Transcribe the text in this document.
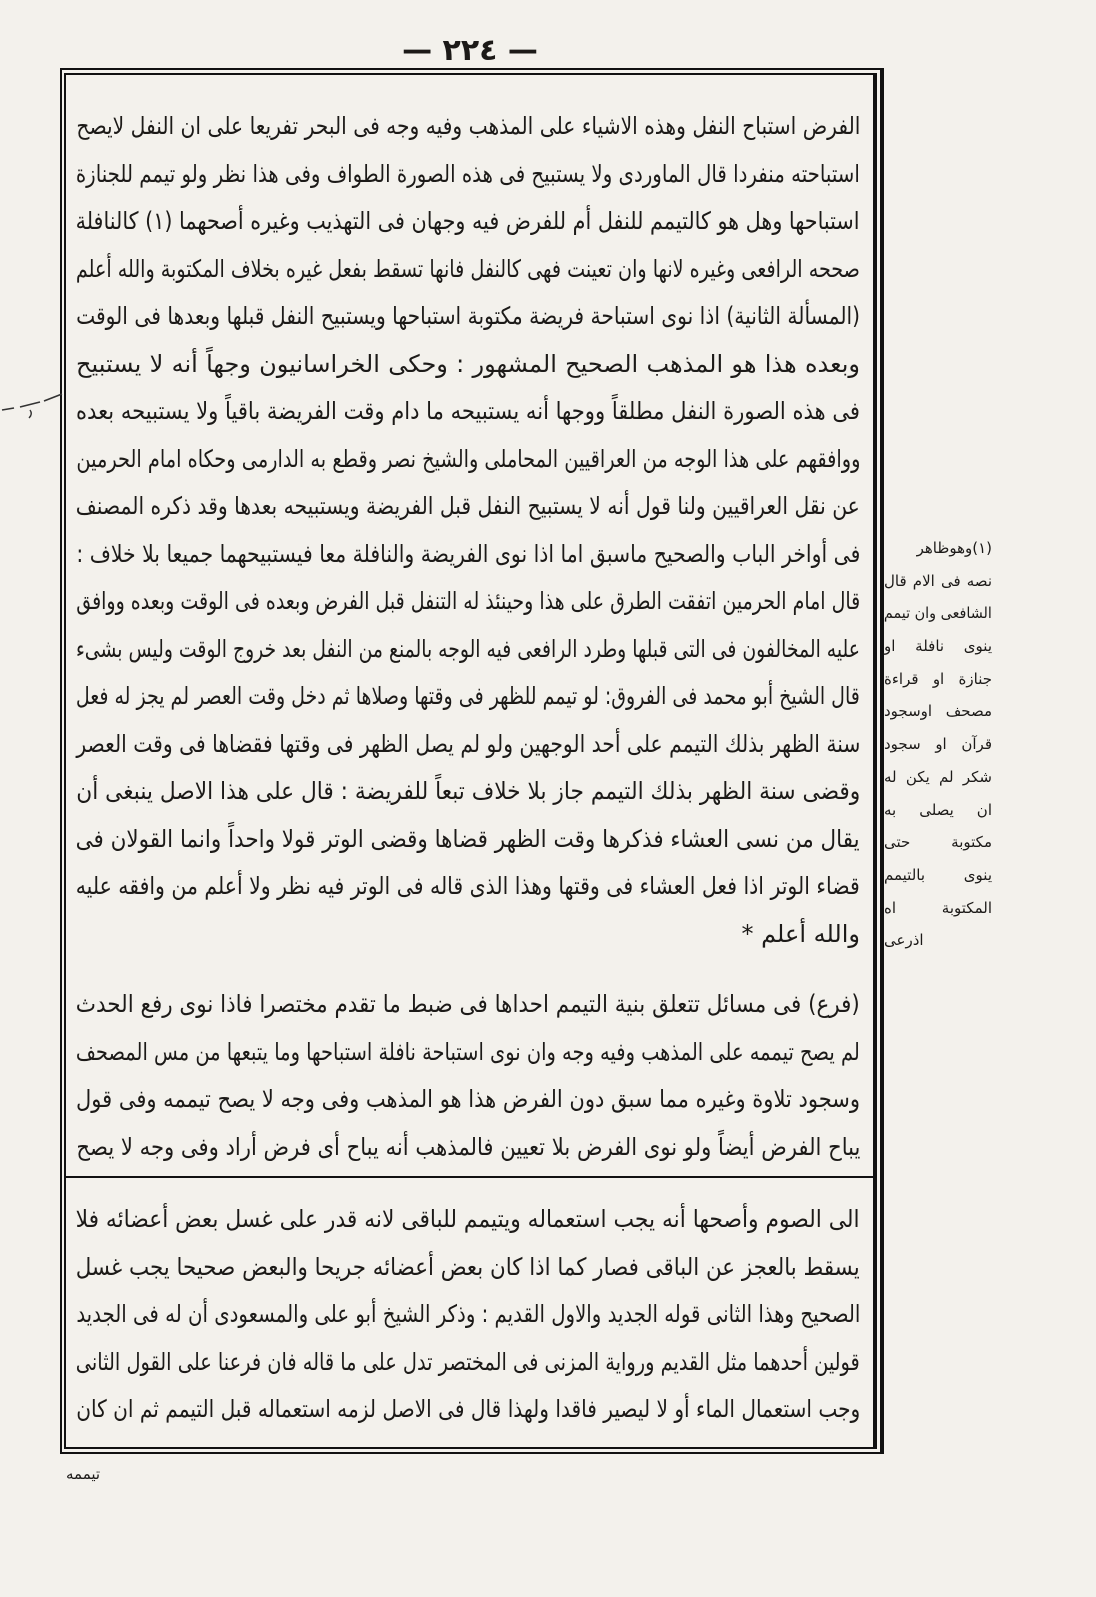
— ٢٢٤ —
الفرض استباح النفل وهذه الاشياء على المذهب وفيه وجه فى البحر تفريعا على ان النفل لايصح
استباحته منفردا قال الماوردى ولا يستبيح فى هذه الصورة الطواف وفى هذا نظر ولو تيمم للجنازة
استباحها وهل هو كالتيمم للنفل أم للفرض فيه وجهان فى التهذيب وغيره أصحهما (١) كالنافلة
صححه الرافعى وغيره لانها وان تعينت فهى كالنفل فانها تسقط بفعل غيره بخلاف المكتوبة والله أعلم
(المسألة الثانية) اذا نوى استباحة فريضة مكتوبة استباحها ويستبيح النفل قبلها وبعدها فى الوقت
وبعده هذا هو المذهب الصحيح المشهور : وحكى الخراسانيون وجهاً أنه لا يستبيح
فى هذه الصورة النفل مطلقاً ووجها أنه يستبيحه ما دام وقت الفريضة باقياً ولا يستبيحه بعده
ووافقهم على هذا الوجه من العراقيين المحاملى والشيخ نصر وقطع به الدارمى وحكاه امام الحرمين
عن نقل العراقيين ولنا قول أنه لا يستبيح النفل قبل الفريضة ويستبيحه بعدها وقد ذكره المصنف
فى أواخر الباب والصحيح ماسبق اما اذا نوى الفريضة والنافلة معا فيستبيحهما جميعا بلا خلاف :
قال امام الحرمين اتفقت الطرق على هذا وحينئذ له التنفل قبل الفرض وبعده فى الوقت وبعده ووافق
عليه المخالفون فى التى قبلها وطرد الرافعى فيه الوجه بالمنع من النفل بعد خروج الوقت وليس بشىء
قال الشيخ أبو محمد فى الفروق: لو تيمم للظهر فى وقتها وصلاها ثم دخل وقت العصر لم يجز له فعل
سنة الظهر بذلك التيمم على أحد الوجهين ولو لم يصل الظهر فى وقتها فقضاها فى وقت العصر
وقضى سنة الظهر بذلك التيمم جاز بلا خلاف تبعاً للفريضة : قال على هذا الاصل ينبغى أن
يقال من نسى العشاء فذكرها وقت الظهر قضاها وقضى الوتر قولا واحداً وانما القولان فى
قضاء الوتر اذا فعل العشاء فى وقتها وهذا الذى قاله فى الوتر فيه نظر ولا أعلم من وافقه عليه
والله أعلم *
(فرع) فى مسائل تتعلق بنية التيمم احداها فى ضبط ما تقدم مختصرا فاذا نوى رفع الحدث
لم يصح تيممه على المذهب وفيه وجه وان نوى استباحة نافلة استباحها وما يتبعها من مس المصحف
وسجود تلاوة وغيره مما سبق دون الفرض هذا هو المذهب وفى وجه لا يصح تيممه وفى قول
يباح الفرض أيضاً ولو نوى الفرض بلا تعيين فالمذهب أنه يباح أى فرض أراد وفى وجه لا يصح
الى الصوم وأصحها أنه يجب استعماله ويتيمم للباقى لانه قدر على غسل بعض أعضائه فلا
يسقط بالعجز عن الباقى فصار كما اذا كان بعض أعضائه جريحا والبعض صحيحا يجب غسل
الصحيح وهذا الثانى قوله الجديد والاول القديم : وذكر الشيخ أبو على والمسعودى أن له فى الجديد
قولين أحدهما مثل القديم ورواية المزنى فى المختصر تدل على ما قاله فان فرعنا على القول الثانى
وجب استعمال الماء أو لا ليصير فاقدا ولهذا قال فى الاصل لزمه استعماله قبل التيمم ثم ان كان
(١)وهوظاهر
نصه فى الام قال
الشافعى وان تيمم
ينوى نافلة او
جنازة او قراءة
مصحف اوسجود
قرآن او سجود
شكر لم يكن له
ان يصلى به
مكتوبة حتى
ينوى بالتيمم
المكتوبة اه
اذرعى
تيممه
